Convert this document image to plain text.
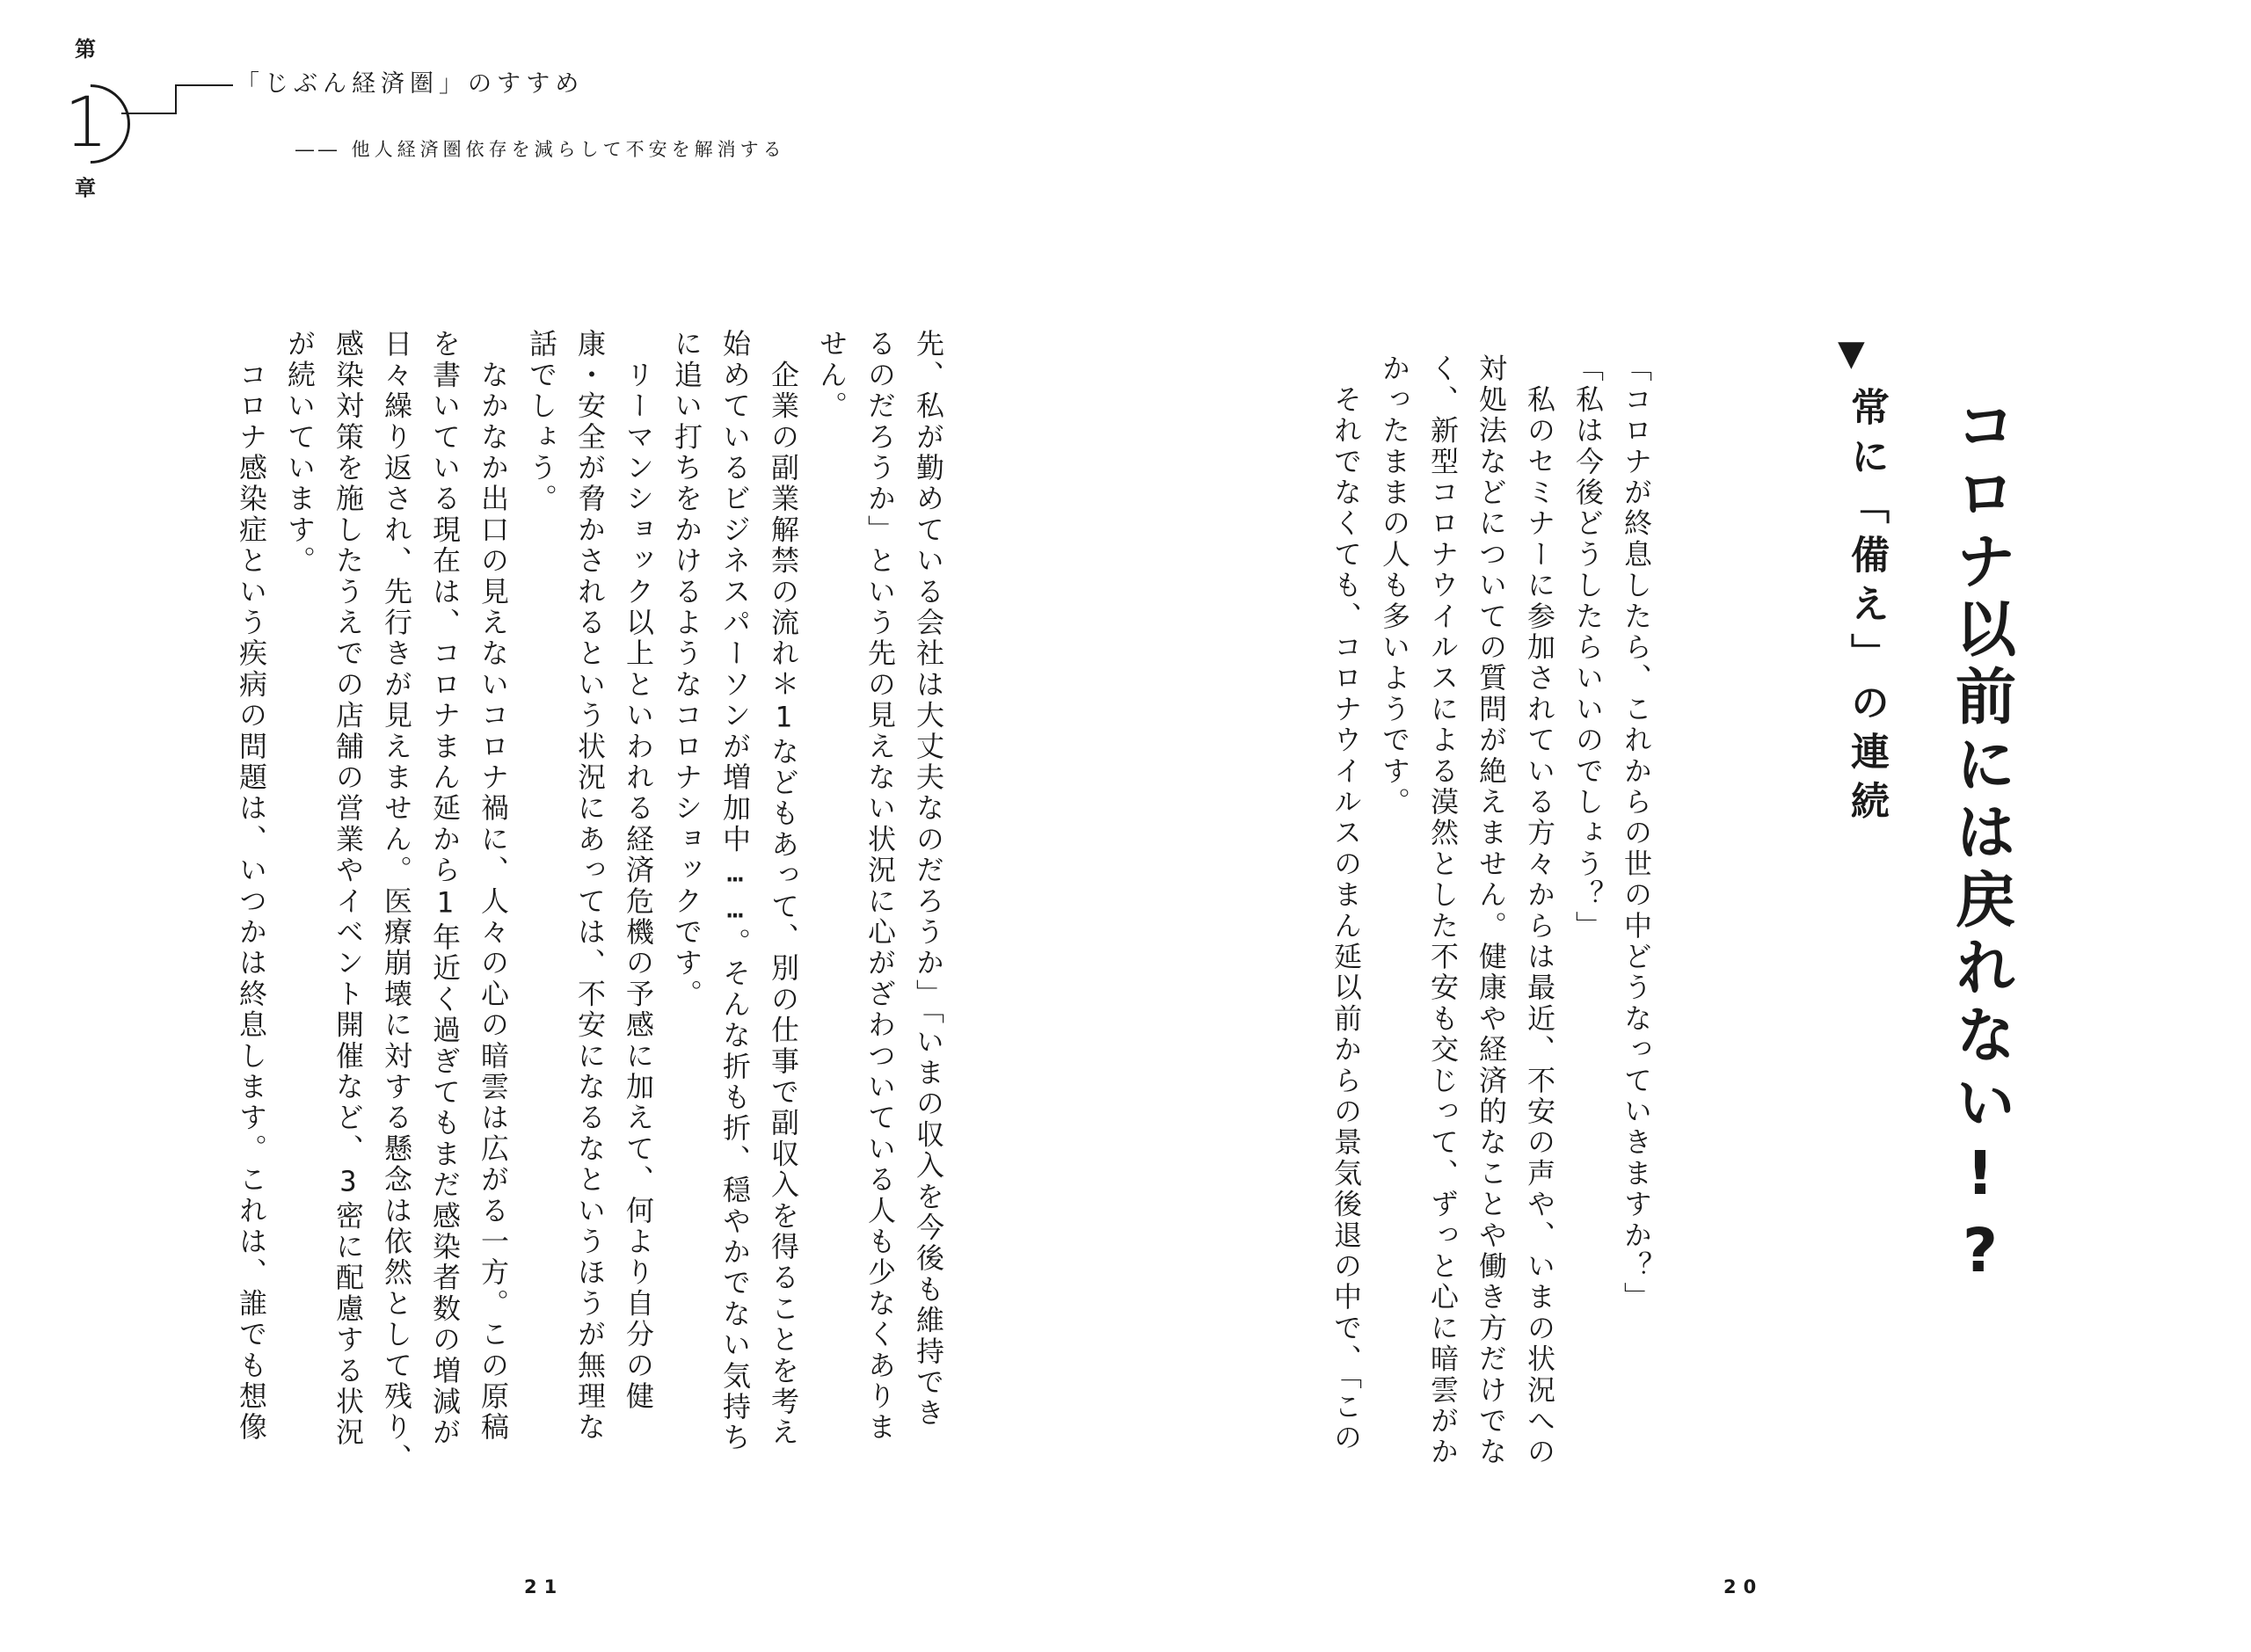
第
1
章
「じぶん経済圏」のすすめ
―― 他人経済圏依存を減らして不安を解消する
コロナ以前には戻れない!?
▼
常に「備え」の連続
「コロナが終息したら、これからの世の中どうなっていきますか？」
「私は今後どうしたらいいのでしょう？」
　私のセミナーに参加されている方々からは最近、不安の声や、いまの状況への
対処法などについての質問が絶えません。健康や経済的なことや働き方だけでな
く、新型コロナウイルスによる漠然とした不安も交じって、ずっと心に暗雲がか
かったままの人も多いようです。
　それでなくても、コロナウイルスのまん延以前からの景気後退の中で、「この
20
先、私が勤めている会社は大丈夫なのだろうか」「いまの収入を今後も維持でき
るのだろうか」という先の見えない状況に心がざわついている人も少なくありま
せん。
　企業の副業解禁の流れ＊1などもあって、別の仕事で副収入を得ることを考え
始めているビジネスパーソンが増加中……。そんな折も折、穏やかでない気持ち
に追い打ちをかけるようなコロナショックです。
　リーマンショック以上といわれる経済危機の予感に加えて、何より自分の健
康・安全が脅かされるという状況にあっては、不安になるなというほうが無理な
話でしょう。
　なかなか出口の見えないコロナ禍に、人々の心の暗雲は広がる一方。この原稿
を書いている現在は、コロナまん延から1年近く過ぎてもまだ感染者数の増減が
日々繰り返され、先行きが見えません。医療崩壊に対する懸念は依然として残り、
感染対策を施したうえでの店舗の営業やイベント開催など、3密に配慮する状況
が続いています。
　コロナ感染症という疾病の問題は、いつかは終息します。これは、誰でも想像
21
